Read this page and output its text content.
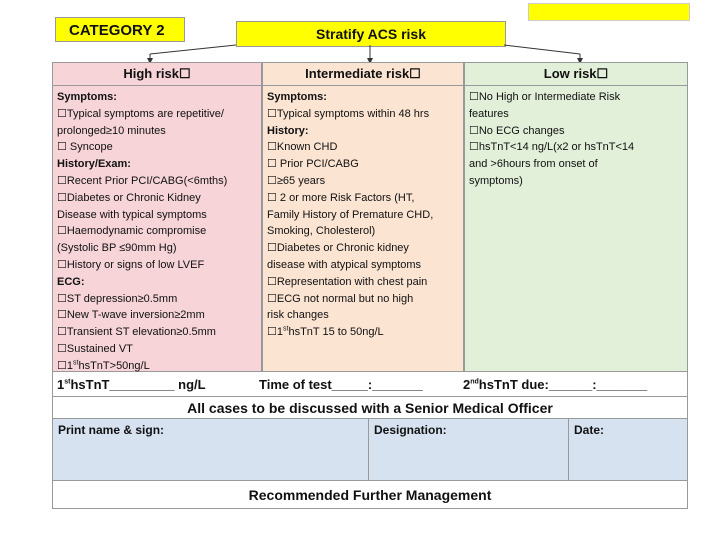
CATEGORY 2	Stratify ACS risk
High risk☐
Symptoms:
☐Typical symptoms are repetitive/
prolonged≥10 minutes
☐ Syncope
History/Exam:
☐Recent Prior PCI/CABG(<6mths)
☐Diabetes or Chronic Kidney
Disease with typical symptoms
☐Haemodynamic compromise
(Systolic BP ≤90mm Hg)
☐History or signs of low LVEF
ECG:
☐ST depression≥0.5mm
☐New T-wave inversion≥2mm
☐Transient ST elevation≥0.5mm
☐Sustained VT
☐1sthsTnT>50ng/L
Intermediate risk☐
Symptoms:
☐Typical symptoms within 48 hrs
History:
☐Known CHD
☐ Prior PCI/CABG
☐≥65 years
☐ 2 or more Risk Factors (HT,
Family History of Premature CHD,
Smoking, Cholesterol)
☐Diabetes or Chronic kidney
disease with atypical symptoms
☐Representation with chest pain
☐ECG not normal but no high
risk changes
☐1sthsTnT 15 to 50ng/L
Low risk☐
☐No High or Intermediate Risk
features
☐No ECG changes
☐hsTnT<14 ng/L(x2 or hsTnT<14
and >6hours from onset of
symptoms)
1sthsTnT_________ ng/L	Time of test_____:_______	2ndhsTnT due:______:_______
All cases to be discussed with a Senior Medical Officer
Print name & sign:	Designation:	Date:
Recommended Further Management
